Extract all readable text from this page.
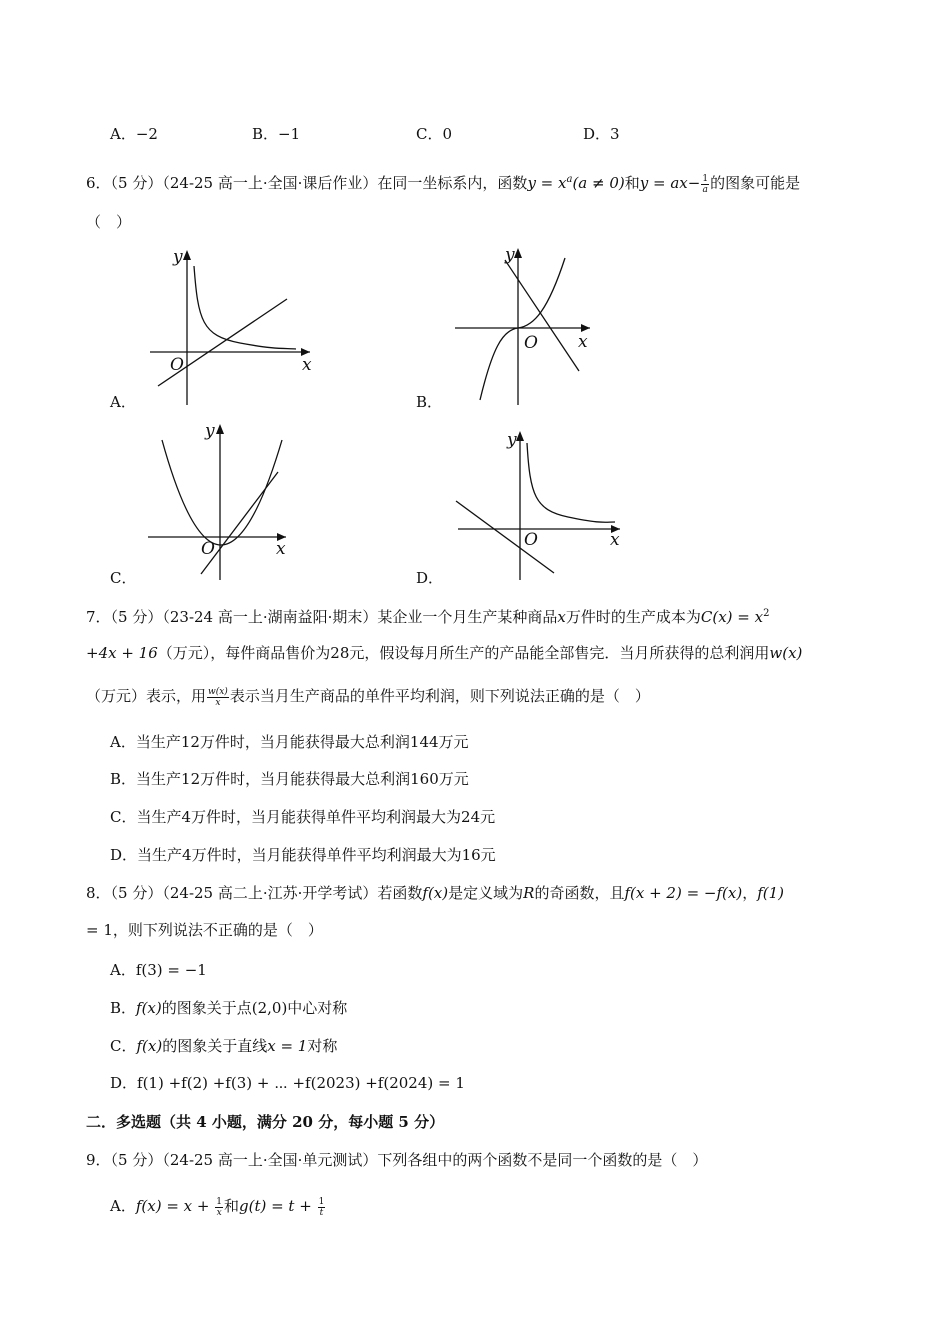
A．−2	B．−1	C．0	D．3
6．（5 分）（24-25 高一上·全国·课后作业）在同一坐标系内，函数$y = x^a(a \ne 0)$和$y = ax- \frac{1}{a}$ 的图象可能是
（　）
y
x
O
A．
y
x
O
B．
y
x
O
C．
y
x
O
D．
7．（5 分）（23-24 高一上·湖南益阳·期末）某企业一个月生产某种商品x万件时的生产成本为$C(x) = x^2$
+4x + 16（万元），每件商品售价为28元，假设每月所生产的产品能全部售完．当月所获得的总利润用w(x)
（万元）表示，用 $\frac{w(x)}{x}$ 表示当月生产商品的单件平均利润，则下列说法正确的是（　）
A．当生产12万件时，当月能获得最大总利润144万元
B．当生产12万件时，当月能获得最大总利润160万元
C．当生产4万件时，当月能获得单件平均利润最大为24元
D．当生产4万件时，当月能获得单件平均利润最大为16元
8．（5 分）（24-25 高二上·江苏·开学考试）若函数f(x)是定义域为R的奇函数，且f(x + 2) = −f(x)，f(1)
= 1，则下列说法不正确的是（　）
A．f(3) = −1
B．f(x)的图象关于点(2,0)中心对称
C．f(x)的图象关于直线x = 1对称
D．f(1) +f(2) +f(3) + ⋯ +f(2023) +f(2024) = 1
二．多选题（共 4 小题，满分 20 分，每小题 5 分）
9．（5 分）（24-25 高一上·全国·单元测试）下列各组中的两个函数不是同一个函数的是（　）
A．$f(x) = x + \frac{1}{x}$ 和$g(t) = t + \frac{1}{t}$
